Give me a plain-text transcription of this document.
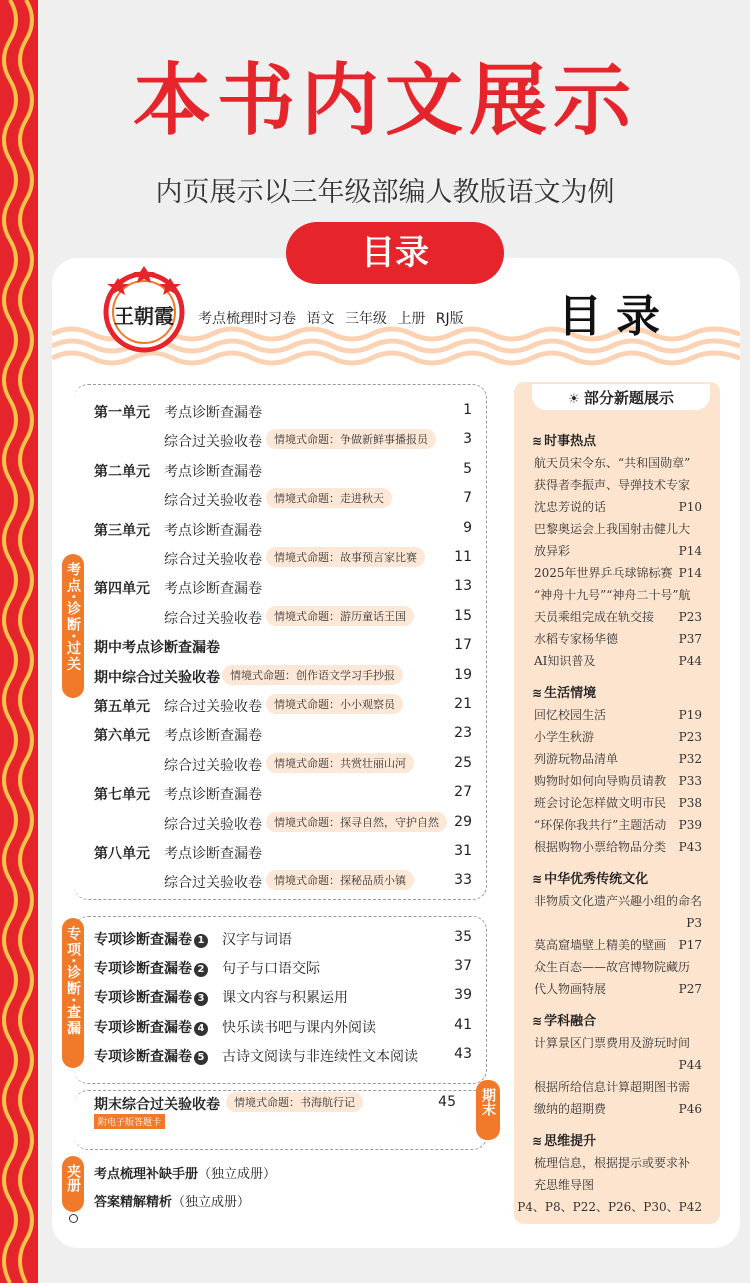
本书内文展示
内页展示以三年级部编人教版语文为例
目录
王朝霞 考点梳理时习卷 语文 三年级 上册 RJ版 目录
考点·诊断·过关
专项·诊断·查漏
期末
夹册
第一单元 考点诊断查漏卷	1
综合过关验收卷	情境式命题：争做新鲜事播报员	3
第二单元 考点诊断查漏卷	5
综合过关验收卷	情境式命题：走进秋天	7
第三单元 考点诊断查漏卷	9
综合过关验收卷	情境式命题：故事预言家比赛	11
第四单元 考点诊断查漏卷	13
综合过关验收卷	情境式命题：游历童话王国	15
期中考点诊断查漏卷	17
期中综合过关验收卷 情境式命题：创作语文学习手抄报	19
第五单元 综合过关验收卷	情境式命题：小小观察员	21
第六单元 考点诊断查漏卷	23
综合过关验收卷	情境式命题：共赏壮丽山河	25
第七单元 考点诊断查漏卷	27
综合过关验收卷	情境式命题：探寻自然，守护自然	29
第八单元 考点诊断查漏卷	31
综合过关验收卷	情境式命题：探秘品质小镇	33
专项诊断查漏卷 1 汉字与词语	35
专项诊断查漏卷 2 句子与口语交际	37
专项诊断查漏卷 3 课文内容与积累运用	39
专项诊断查漏卷 4 快乐读书吧与课内外阅读	41
专项诊断查漏卷 5 古诗文阅读与非连续性文本阅读	43
期末综合过关验收卷	情境式命题：书海航行记	45
附电子版答题卡
考点梳理补缺手册（独立成册）
答案精解精析（独立成册）
☀ 部分新题展示
≋ 时事热点
航天员宋令东、“共和国勋章”
获得者李振声、导弹技术专家
沈忠芳说的话	P10
巴黎奥运会上我国射击健儿大
放异彩	P14
2025年世界乒乓球锦标赛 P14
“神舟十九号”“神舟二十号”航
天员乘组完成在轨交接 P23
水稻专家杨华德	P37
AI知识普及	P44
≋ 生活情境
回忆校园生活	P19
小学生秋游	P23
列游玩物品清单	P32
购物时如何向导购员请教 P33
班会讨论怎样做文明市民 P38
“环保你我共行”主题活动 P39
根据购物小票给物品分类 P43
≋ 中华优秀传统文化
非物质文化遗产兴趣小组的命名
P3
莫高窟墙壁上精美的壁画 P17
众生百态——故宫博物院藏历
代人物画特展	P27
≋ 学科融合
计算景区门票费用及游玩时间
P44
根据所给信息计算超期图书需
缴纳的超期费	P46
≋ 思维提升
梳理信息，根据提示或要求补
充思维导图
P4、P8、P22、P26、P30、P42
